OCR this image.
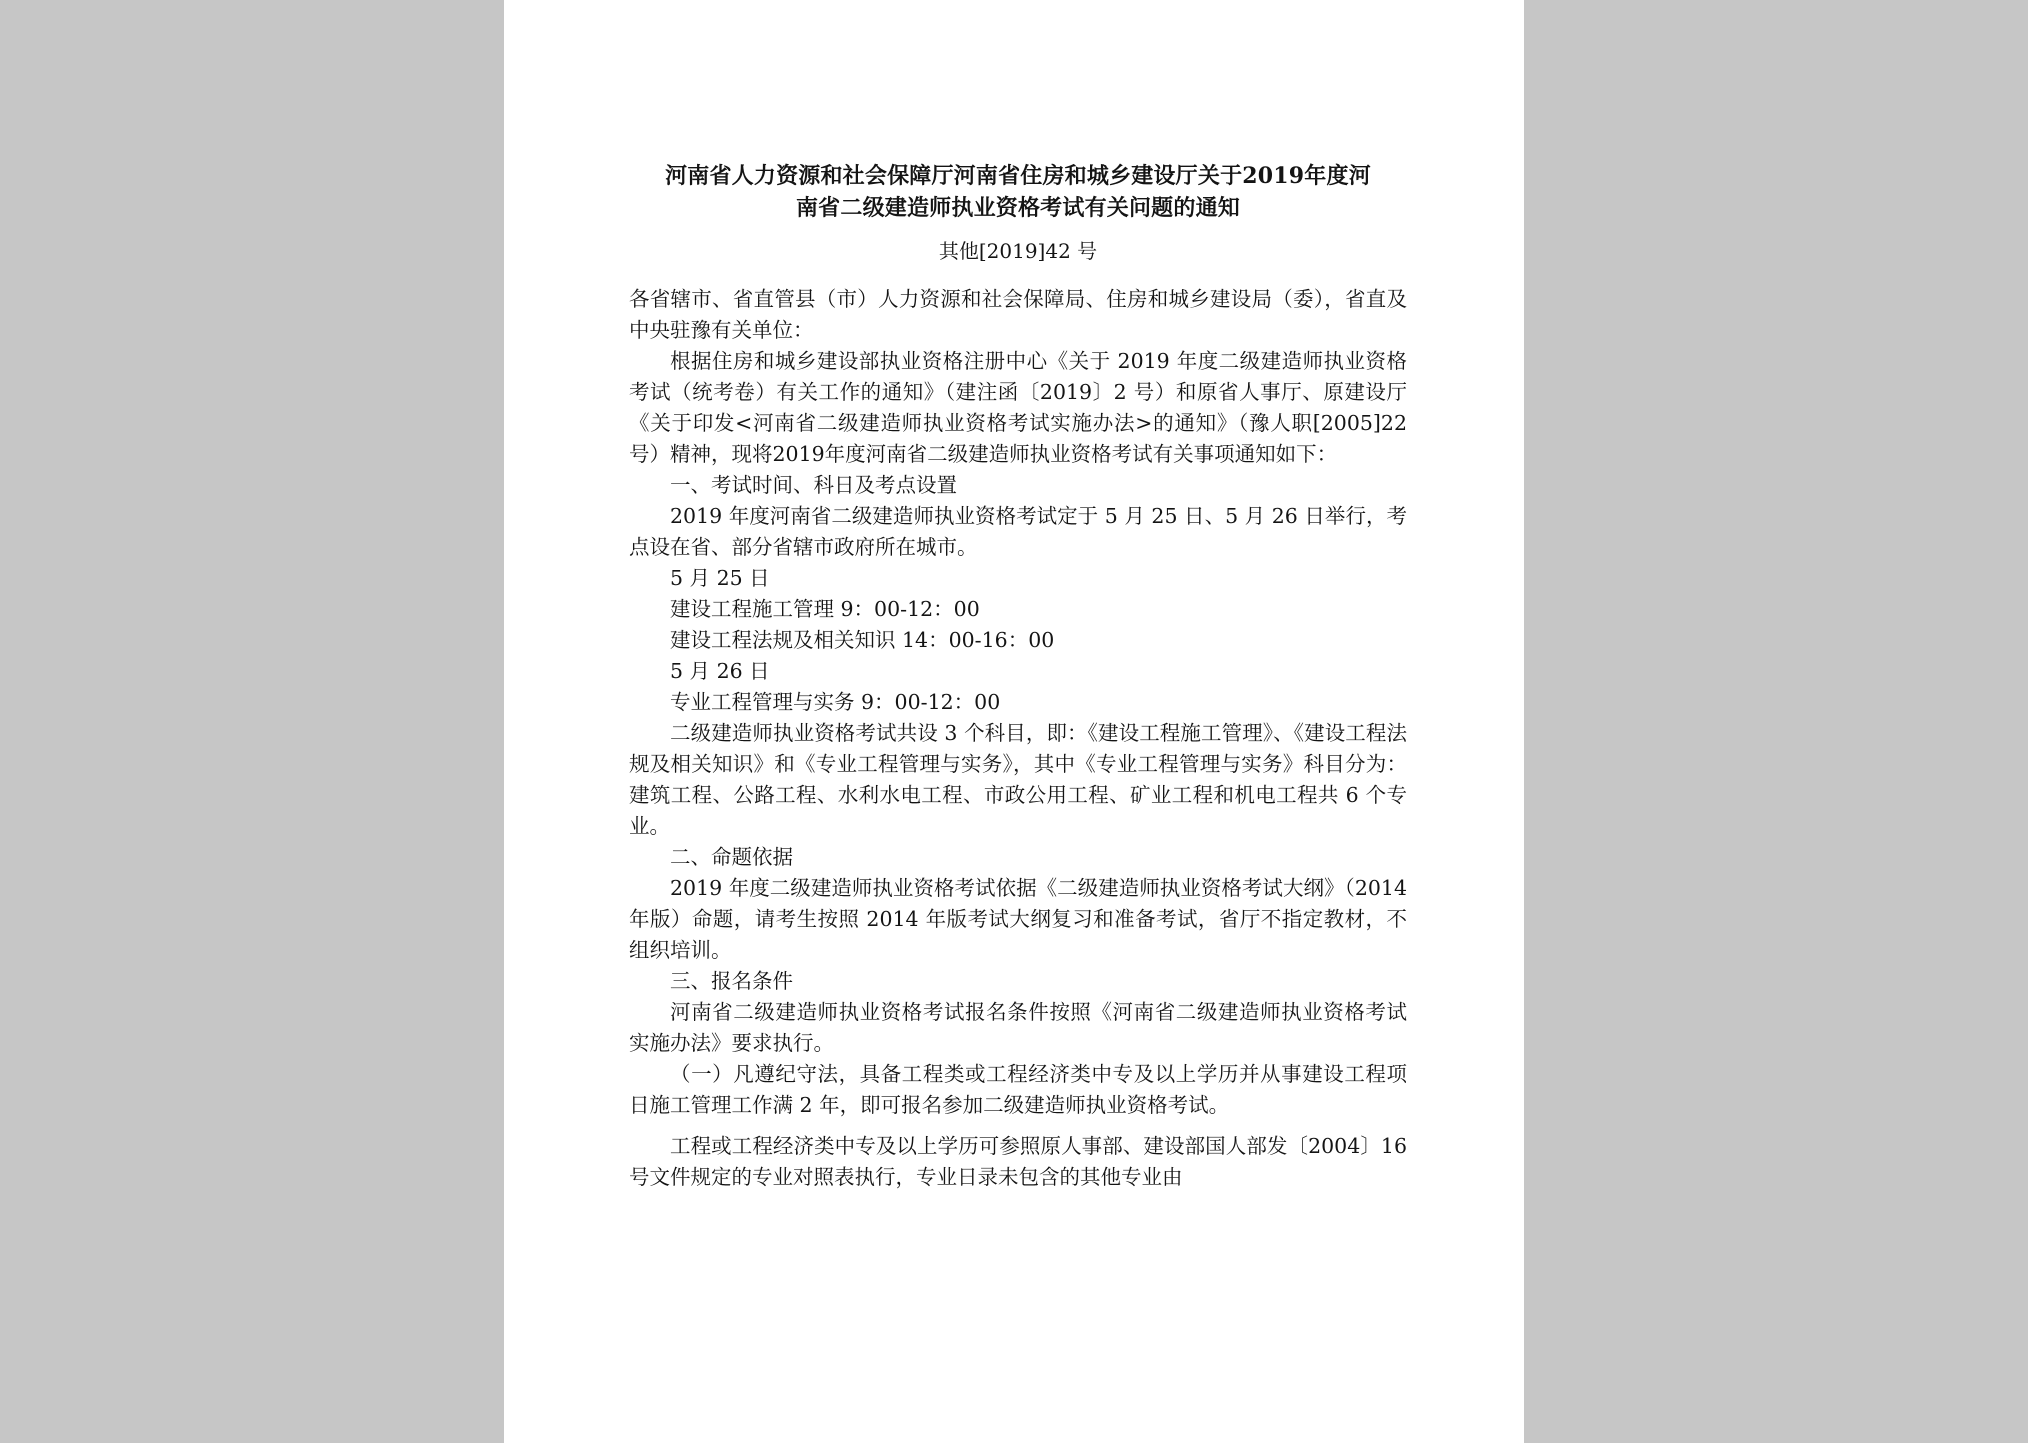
河南省人力资源和社会保障厅河南省住房和城乡建设厅关于2019年度河
南省二级建造师执业资格考试有关问题的通知

其他[2019]42 号

各省辖市、省直管县（市）人力资源和社会保障局、住房和城乡建设局（委），省直及中央驻豫有关单位：

根据住房和城乡建设部执业资格注册中心《关于 2019 年度二级建造师执业资格考试（统考卷）有关工作的通知》（建注函〔2019〕2 号）和原省人事厅、原建设厅《关于印发<河南省二级建造师执业资格考试实施办法>的通知》（豫人职[2005]22 号）精神，现将2019年度河南省二级建造师执业资格考试有关事项通知如下：

一、考试时间、科日及考点设置

2019 年度河南省二级建造师执业资格考试定于 5 月 25 日、5 月 26 日举行，考点设在省、部分省辖市政府所在城市。

5 月 25 日

建设工程施工管理 9：00-12：00

建设工程法规及相关知识 14：00-16：00

5 月 26 日

专业工程管理与实务 9：00-12：00

二级建造师执业资格考试共设 3 个科目，即：《建设工程施工管理》、《建设工程法规及相关知识》和《专业工程管理与实务》，其中《专业工程管理与实务》科目分为：建筑工程、公路工程、水利水电工程、市政公用工程、矿业工程和机电工程共 6 个专业。

二、命题依据

2019 年度二级建造师执业资格考试依据《二级建造师执业资格考试大纲》（2014 年版）命题，请考生按照 2014 年版考试大纲复习和准备考试，省厅不指定教材，不组织培训。

三、报名条件

河南省二级建造师执业资格考试报名条件按照《河南省二级建造师执业资格考试实施办法》要求执行。

（一）凡遵纪守法，具备工程类或工程经济类中专及以上学历并从事建设工程项日施工管理工作满 2 年，即可报名参加二级建造师执业资格考试。

工程或工程经济类中专及以上学历可参照原人事部、建设部国人部发〔2004〕16 号文件规定的专业对照表执行，专业日录未包含的其他专业由
